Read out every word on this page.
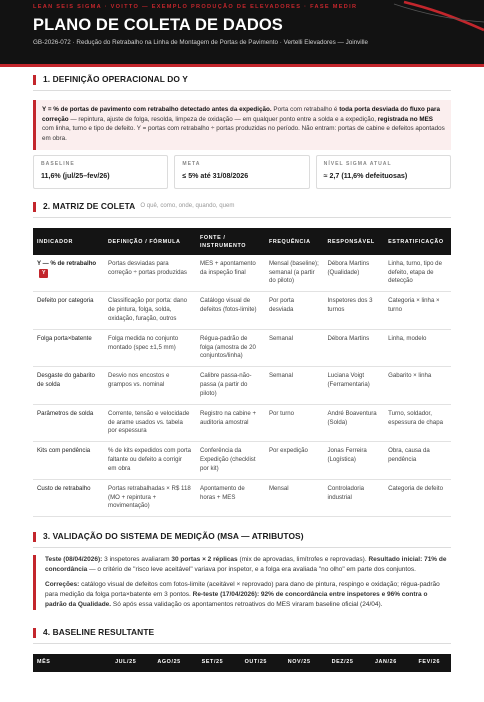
LEAN SEIS SIGMA · VOITTO — EXEMPLO PRODUÇÃO DE ELEVADORES · FASE MEDIR
PLANO DE COLETA DE DADOS
GB-2026-072 · Redução do Retrabalho na Linha de Montagem de Portas de Pavimento · Vertelli Elevadores — Joinville
1. DEFINIÇÃO OPERACIONAL DO Y
Y = % de portas de pavimento com retrabalho detectado antes da expedição. Porta com retrabalho é toda porta desviada do fluxo para correção — repintura, ajuste de folga, resolda, limpeza de oxidação — em qualquer ponto entre a solda e a expedição, registrada no MES com linha, turno e tipo de defeito. Y = portas com retrabalho ÷ portas produzidas no período. Não entram: portas de cabine e defeitos apontados em obra.
BASELINE
11,6% (jul/25–fev/26)
META
≤ 5% até 31/08/2026
NÍVEL SIGMA ATUAL
≈ 2,7 (11,6% defeituosas)
2. MATRIZ DE COLETA O quê, como, onde, quando, quem
INDICADOR	DEFINIÇÃO / FÓRMULA	FONTE / INSTRUMENTO	FREQUÊNCIA	RESPONSÁVEL	ESTRATIFICAÇÃO
Y — % de retrabalho Y	Portas desviadas para correção ÷ portas produzidas	MES + apontamento da inspeção final	Mensal (baseline); semanal (a partir do piloto)	Débora Martins (Qualidade)	Linha, turno, tipo de defeito, etapa de detecção
Defeito por categoria	Classificação por porta: dano de pintura, folga, solda, oxidação, furação, outros	Catálogo visual de defeitos (fotos-limite)	Por porta desviada	Inspetores dos 3 turnos	Categoria × linha × turno
Folga porta×batente	Folga medida no conjunto montado (spec ±1,5 mm)	Régua-padrão de folga (amostra de 20 conjuntos/linha)	Semanal	Débora Martins	Linha, modelo
Desgaste do gabarito de solda	Desvio nos encostos e grampos vs. nominal	Calibre passa-não-passa (a partir do piloto)	Semanal	Luciana Voigt (Ferramentaria)	Gabarito × linha
Parâmetros de solda	Corrente, tensão e velocidade de arame usados vs. tabela por espessura	Registro na cabine + auditoria amostral	Por turno	André Boaventura (Solda)	Turno, soldador, espessura de chapa
Kits com pendência	% de kits expedidos com porta faltante ou defeito a corrigir em obra	Conferência da Expedição (checklist por kit)	Por expedição	Jonas Ferreira (Logística)	Obra, causa da pendência
Custo de retrabalho	Portas retrabalhadas × R$ 118 (MO + repintura + movimentação)	Apontamento de horas + MES	Mensal	Controladoria industrial	Categoria de defeito
3. VALIDAÇÃO DO SISTEMA DE MEDIÇÃO (MSA — ATRIBUTOS)

Teste (08/04/2026): 3 inspetores avaliaram 30 portas × 2 réplicas (mix de aprovadas, limítrofes e reprovadas). Resultado inicial: 71% de concordância — o critério de "risco leve aceitável" variava por inspetor, e a folga era avaliada "no olho" em parte dos conjuntos.

Correções: catálogo visual de defeitos com fotos-limite (aceitável × reprovado) para dano de pintura, respingo e oxidação; régua-padrão para medição da folga porta×batente em 3 pontos. Re-teste (17/04/2026): 92% de concordância entre inspetores e 96% contra o padrão da Qualidade. Só após essa validação os apontamentos retroativos do MES viraram baseline oficial (24/04).

4. BASELINE RESULTANTE
MÊS	JUL/25	AGO/25	SET/25	OUT/25	NOV/25	DEZ/25	JAN/26	FEV/26
